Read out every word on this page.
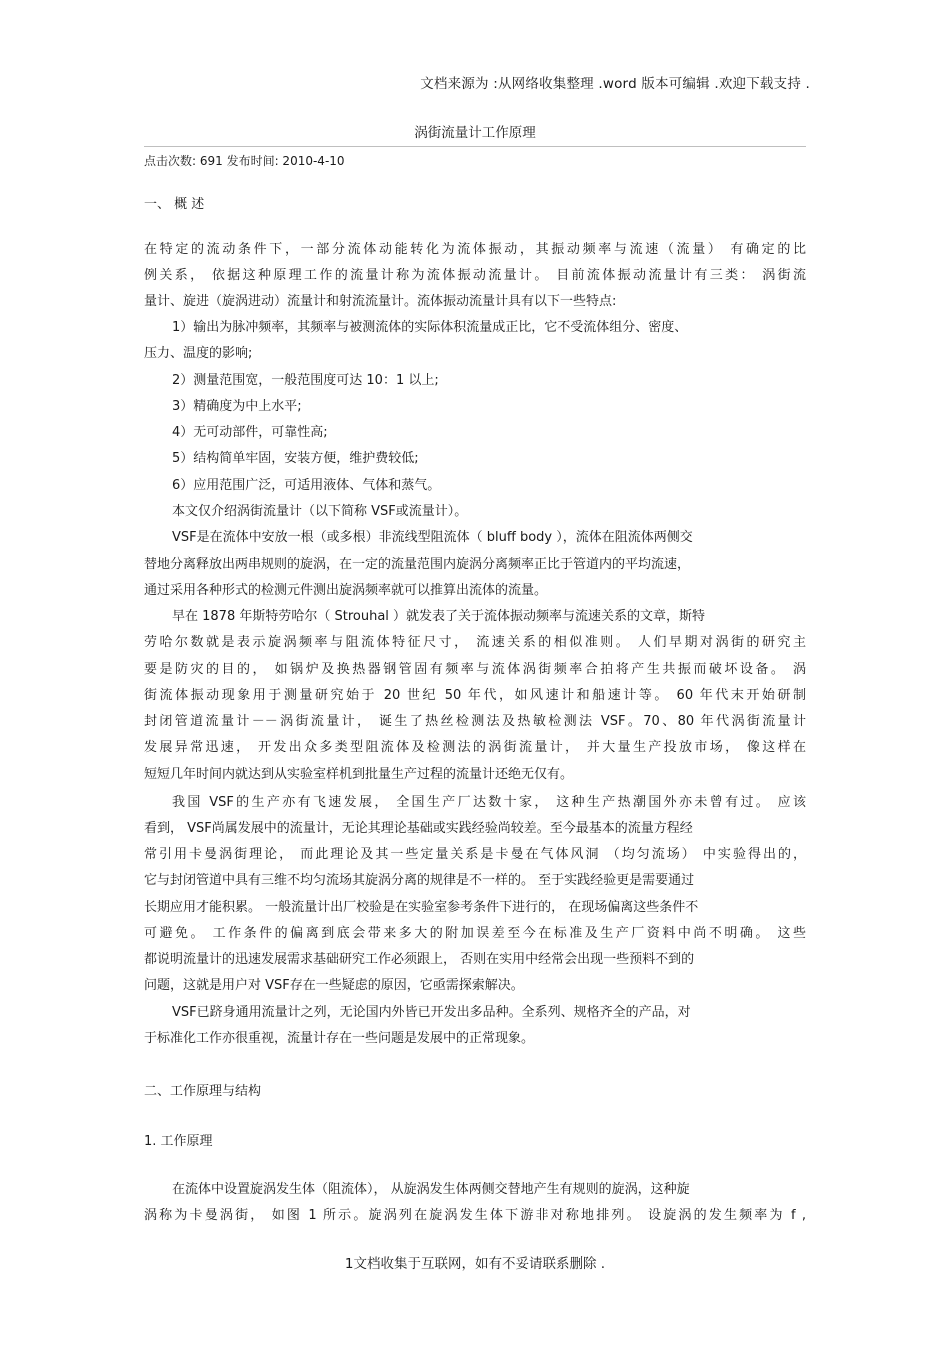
文档来源为 :从网络收集整理 .word 版本可编辑 .欢迎下载支持 .
涡街流量计工作原理
点击次数: 691 发布时间: 2010-4-10
一、 概 述
在特定的流动条件下，一部分流体动能转化为流体振动，其振动频率与流速（流量） 有确定的比
例关系， 依据这种原理工作的流量计称为流体振动流量计。 目前流体振动流量计有三类： 涡街流
量计、旋进（旋涡进动）流量计和射流流量计。流体振动流量计具有以下一些特点:
1）输出为脉冲频率，其频率与被测流体的实际体积流量成正比，它不受流体组分、密度、
压力、温度的影响;
2）测量范围宽，一般范围度可达 10：1 以上;
3）精确度为中上水平;
4）无可动部件，可靠性高;
5）结构简单牢固，安装方便，维护费较低;
6）应用范围广泛，可适用液体、气体和蒸气。
本文仅介绍涡街流量计（以下简称 VSF或流量计）。
VSF是在流体中安放一根（或多根）非流线型阻流体（ bluff body ），流体在阻流体两侧交
替地分离释放出两串规则的旋涡，在一定的流量范围内旋涡分离频率正比于管道内的平均流速，
通过采用各种形式的检测元件测出旋涡频率就可以推算出流体的流量。
早在 1878 年斯特劳哈尔（ Strouhal ）就发表了关于流体振动频率与流速关系的文章，斯特
劳哈尔数就是表示旋涡频率与阻流体特征尺寸， 流速关系的相似准则。 人们早期对涡街的研究主
要是防灾的目的， 如锅炉及换热器钢管固有频率与流体涡街频率合拍将产生共振而破坏设备。 涡
街流体振动现象用于测量研究始于 20 世纪 50 年代，如风速计和船速计等。 60 年代末开始研制
封闭管道流量计－－涡街流量计， 诞生了热丝检测法及热敏检测法 VSF。70、80 年代涡街流量计
发展异常迅速， 开发出众多类型阻流体及检测法的涡街流量计， 并大量生产投放市场， 像这样在
短短几年时间内就达到从实验室样机到批量生产过程的流量计还绝无仅有。
我国 VSF的生产亦有飞速发展， 全国生产厂达数十家， 这种生产热潮国外亦未曾有过。 应该
看到， VSF尚属发展中的流量计，无论其理论基础或实践经验尚较差。至今最基本的流量方程经
常引用卡曼涡街理论， 而此理论及其一些定量关系是卡曼在气体风洞 （均匀流场） 中实验得出的，
它与封闭管道中具有三维不均匀流场其旋涡分离的规律是不一样的。 至于实践经验更是需要通过
长期应用才能积累。 一般流量计出厂校验是在实验室参考条件下进行的， 在现场偏离这些条件不
可避免。 工作条件的偏离到底会带来多大的附加误差至今在标准及生产厂资料中尚不明确。 这些
都说明流量计的迅速发展需求基础研究工作必须跟上， 否则在实用中经常会出现一些预料不到的
问题，这就是用户对 VSF存在一些疑虑的原因，它亟需探索解决。
VSF已跻身通用流量计之列，无论国内外皆已开发出多品种。全系列、规格齐全的产品，对
于标准化工作亦很重视，流量计存在一些问题是发展中的正常现象。
二、工作原理与结构
1. 工作原理
在流体中设置旋涡发生体（阻流体）， 从旋涡发生体两侧交替地产生有规则的旋涡，这种旋
涡称为卡曼涡街， 如图 1 所示。旋涡列在旋涡发生体下游非对称地排列。 设旋涡的发生频率为 f ,
1文档收集于互联网，如有不妥请联系删除 .
